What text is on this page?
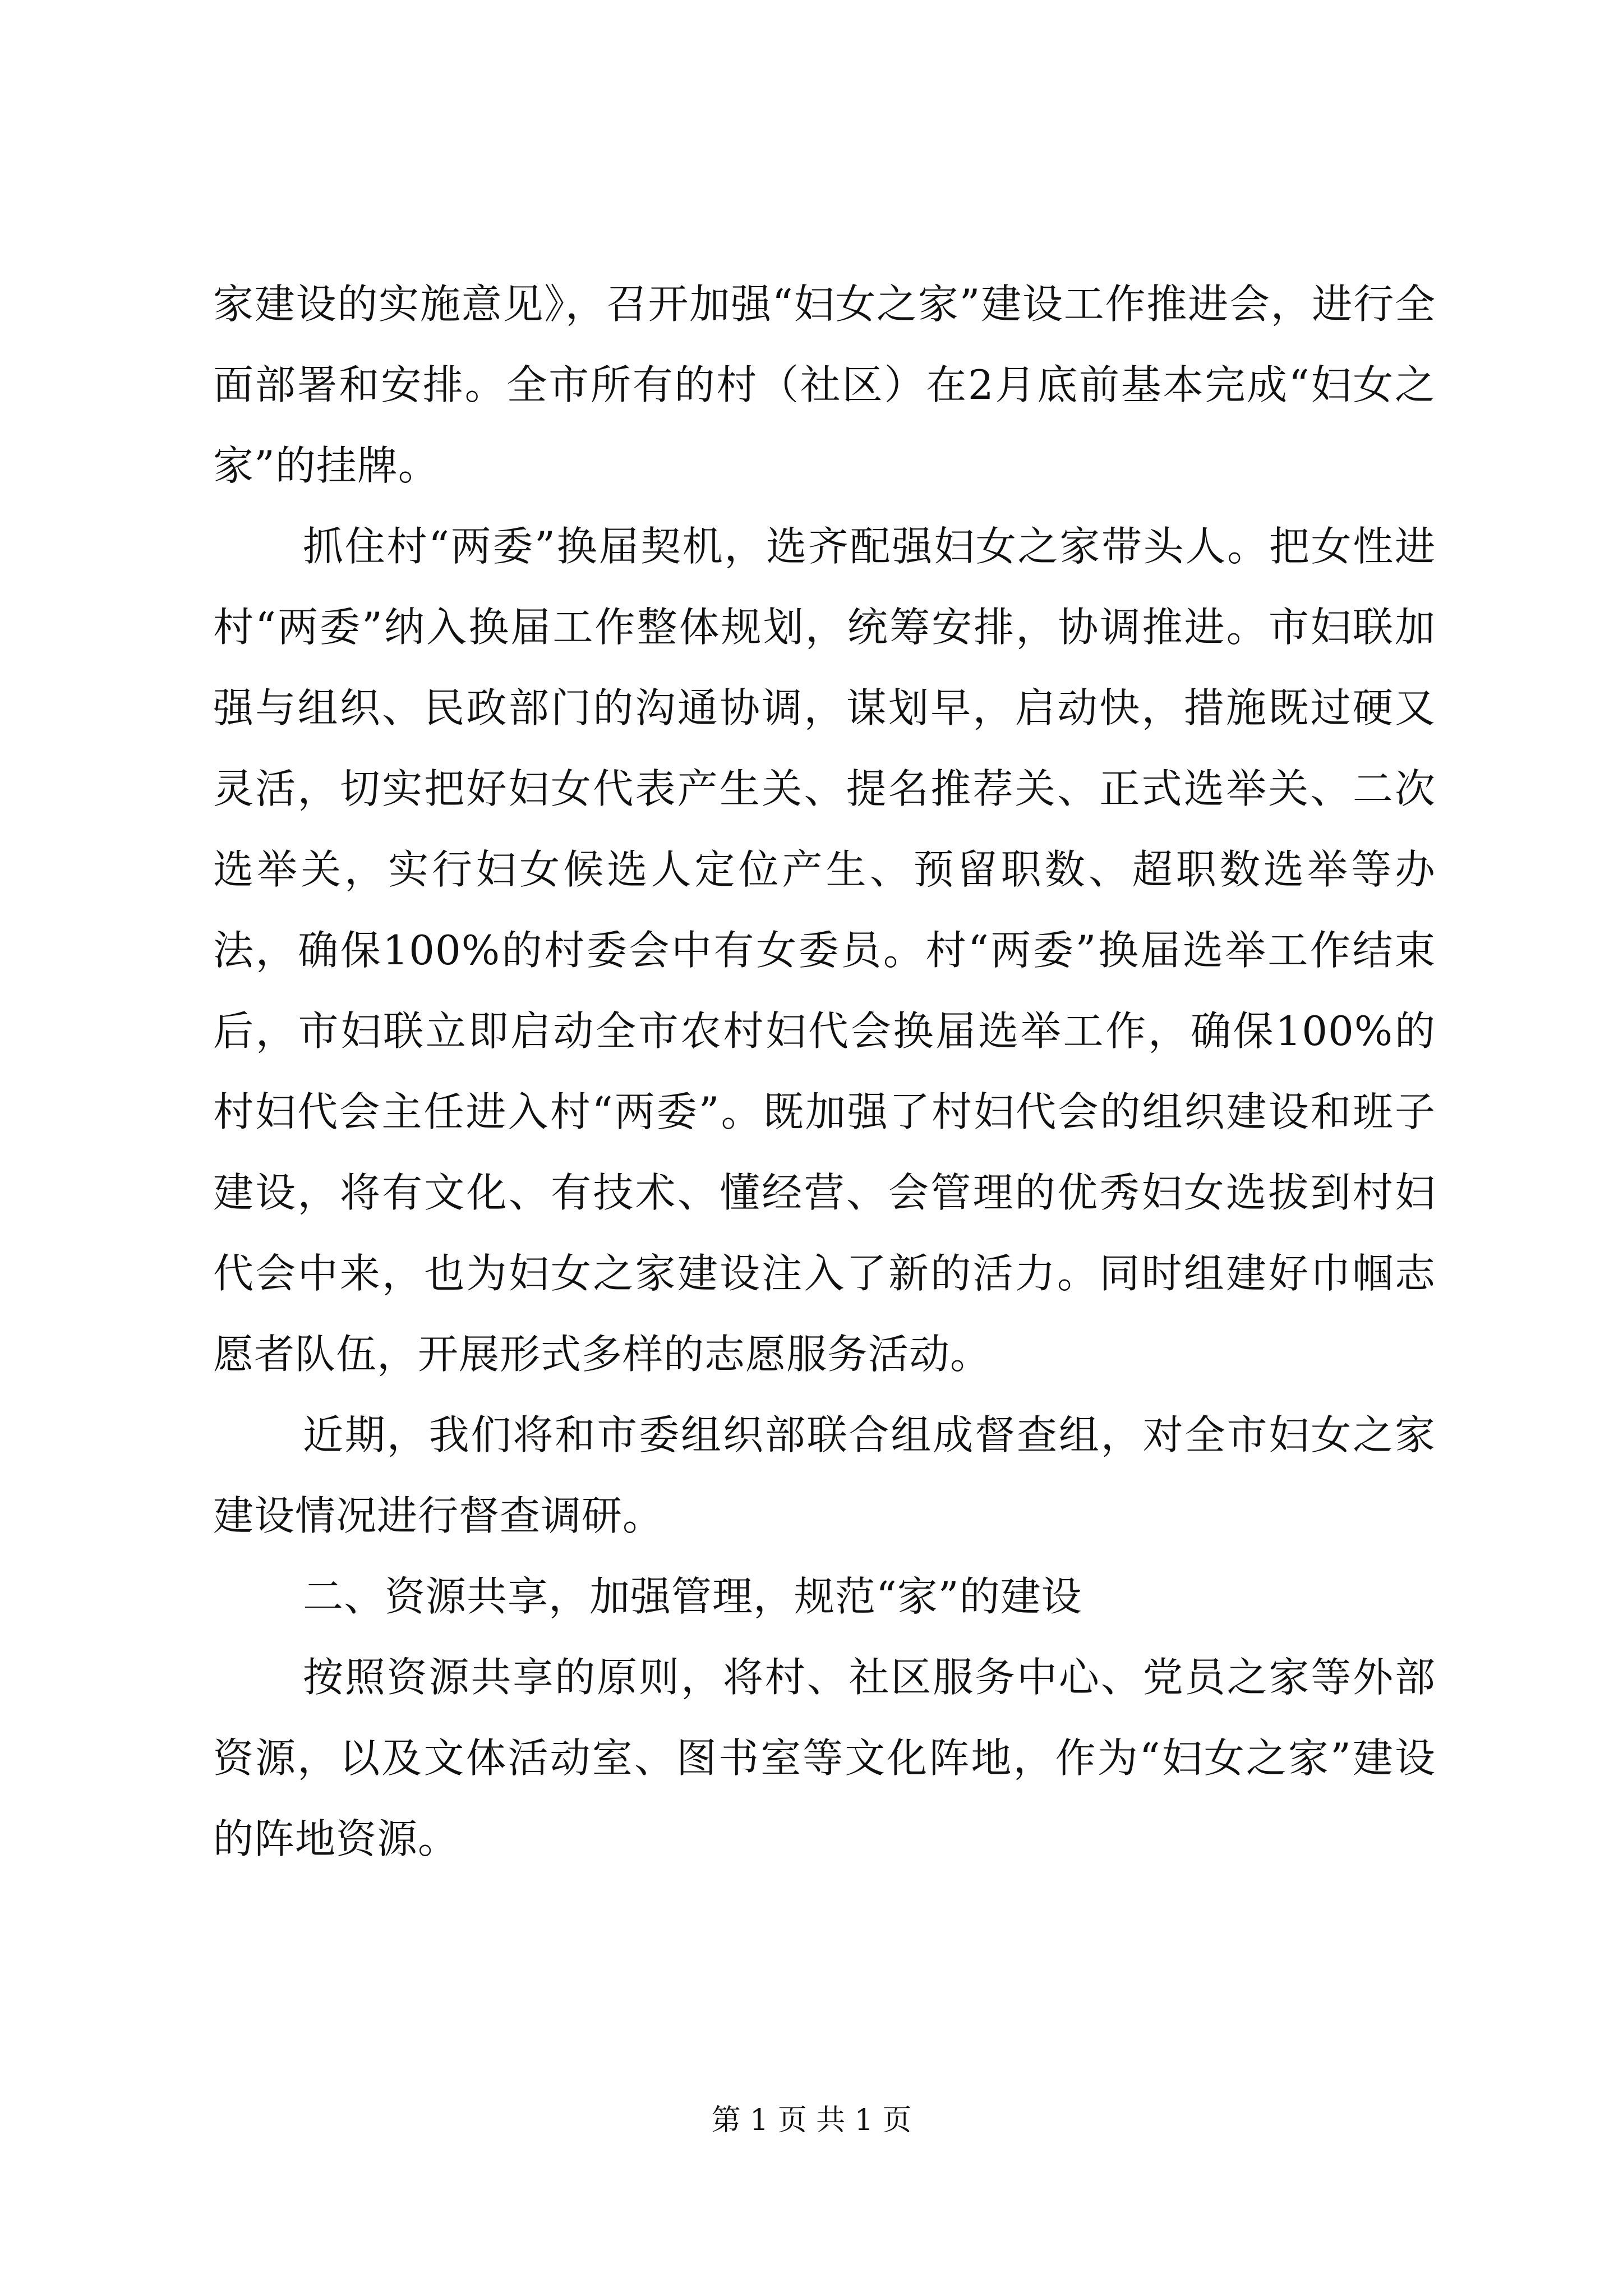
家建设的实施意见》，召开加强“妇女之家”建设工作推进会，进行全面部署和安排。全市所有的村（社区）在2月底前基本完成“妇女之家”的挂牌。

抓住村“两委”换届契机，选齐配强妇女之家带头人。把女性进村“两委”纳入换届工作整体规划，统筹安排，协调推进。市妇联加强与组织、民政部门的沟通协调，谋划早，启动快，措施既过硬又灵活，切实把好妇女代表产生关、提名推荐关、正式选举关、二次选举关，实行妇女候选人定位产生、预留职数、超职数选举等办法，确保100%的村委会中有女委员。村“两委”换届选举工作结束后，市妇联立即启动全市农村妇代会换届选举工作，确保100%的村妇代会主任进入村“两委”。既加强了村妇代会的组织建设和班子建设，将有文化、有技术、懂经营、会管理的优秀妇女选拔到村妇代会中来，也为妇女之家建设注入了新的活力。同时组建好巾帼志愿者队伍，开展形式多样的志愿服务活动。

近期，我们将和市委组织部联合组成督查组，对全市妇女之家建设情况进行督查调研。

二、资源共享，加强管理，规范“家”的建设

按照资源共享的原则，将村、社区服务中心、党员之家等外部资源，以及文体活动室、图书室等文化阵地，作为“妇女之家”建设的阵地资源。

第 1 页 共 1 页
